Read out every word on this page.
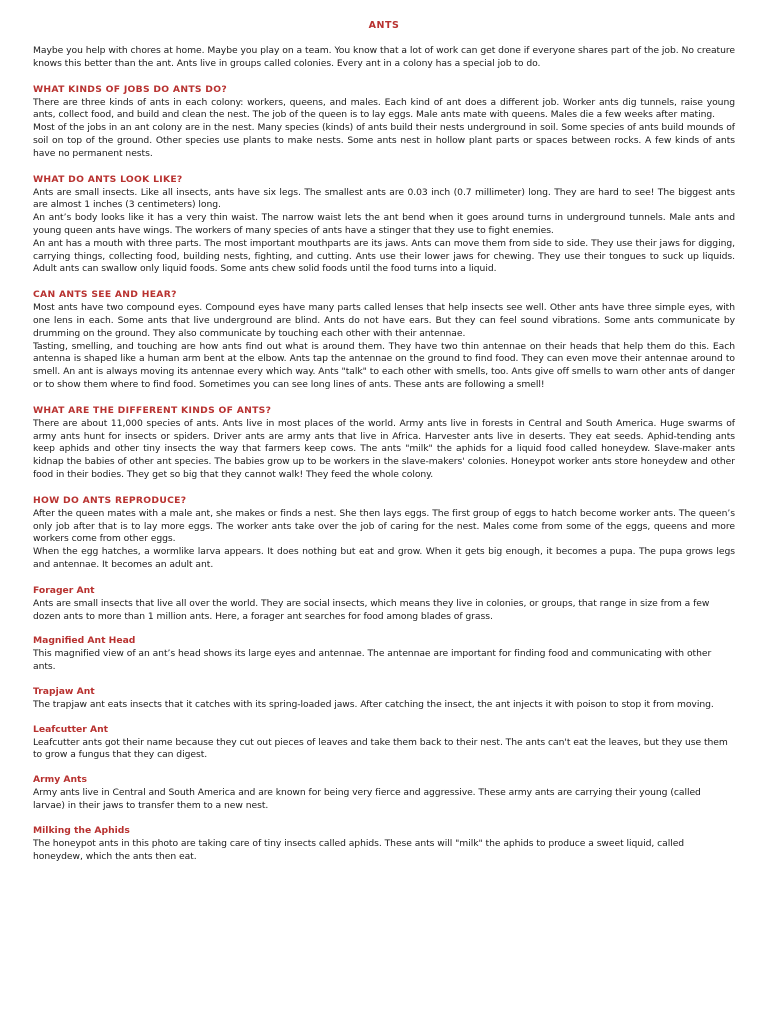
ANTS

Maybe you help with chores at home. Maybe you play on a team. You know that a lot of work can get done if everyone shares part of the job. No creature knows this better than the ant. Ants live in groups called colonies. Every ant in a colony has a special job to do.

WHAT KINDS OF JOBS DO ANTS DO?

There are three kinds of ants in each colony: workers, queens, and males. Each kind of ant does a different job. Worker ants dig tunnels, raise young ants, collect food, and build and clean the nest. The job of the queen is to lay eggs. Male ants mate with queens. Males die a few weeks after mating.

Most of the jobs in an ant colony are in the nest. Many species (kinds) of ants build their nests underground in soil. Some species of ants build mounds of soil on top of the ground. Other species use plants to make nests. Some ants nest in hollow plant parts or spaces between rocks. A few kinds of ants have no permanent nests.

WHAT DO ANTS LOOK LIKE?

Ants are small insects. Like all insects, ants have six legs. The smallest ants are 0.03 inch (0.7 millimeter) long. They are hard to see! The biggest ants are almost 1 inches (3 centimeters) long.

An ant’s body looks like it has a very thin waist. The narrow waist lets the ant bend when it goes around turns in underground tunnels. Male ants and young queen ants have wings. The workers of many species of ants have a stinger that they use to fight enemies.

An ant has a mouth with three parts. The most important mouthparts are its jaws. Ants can move them from side to side. They use their jaws for digging, carrying things, collecting food, building nests, fighting, and cutting. Ants use their lower jaws for chewing. They use their tongues to suck up liquids. Adult ants can swallow only liquid foods. Some ants chew solid foods until the food turns into a liquid.

CAN ANTS SEE AND HEAR?

Most ants have two compound eyes. Compound eyes have many parts called lenses that help insects see well. Other ants have three simple eyes, with one lens in each. Some ants that live underground are blind. Ants do not have ears. But they can feel sound vibrations. Some ants communicate by drumming on the ground. They also communicate by touching each other with their antennae.

Tasting, smelling, and touching are how ants find out what is around them. They have two thin antennae on their heads that help them do this. Each antenna is shaped like a human arm bent at the elbow. Ants tap the antennae on the ground to find food. They can even move their antennae around to smell. An ant is always moving its antennae every which way. Ants "talk" to each other with smells, too. Ants give off smells to warn other ants of danger or to show them where to find food. Sometimes you can see long lines of ants. These ants are following a smell!

WHAT ARE THE DIFFERENT KINDS OF ANTS?

There are about 11,000 species of ants. Ants live in most places of the world. Army ants live in forests in Central and South America. Huge swarms of army ants hunt for insects or spiders. Driver ants are army ants that live in Africa. Harvester ants live in deserts. They eat seeds. Aphid-tending ants keep aphids and other tiny insects the way that farmers keep cows. The ants "milk" the aphids for a liquid food called honeydew. Slave-maker ants kidnap the babies of other ant species. The babies grow up to be workers in the slave-makers' colonies. Honeypot worker ants store honeydew and other food in their bodies. They get so big that they cannot walk! They feed the whole colony.

HOW DO ANTS REPRODUCE?

After the queen mates with a male ant, she makes or finds a nest. She then lays eggs. The first group of eggs to hatch become worker ants. The queen’s only job after that is to lay more eggs. The worker ants take over the job of caring for the nest. Males come from some of the eggs, queens and more workers come from other eggs.

When the egg hatches, a wormlike larva appears. It does nothing but eat and grow. When it gets big enough, it becomes a pupa. The pupa grows legs and antennae. It becomes an adult ant.

Forager Ant

Ants are small insects that live all over the world. They are social insects, which means they live in colonies, or groups, that range in size from a few dozen ants to more than 1 million ants. Here, a forager ant searches for food among blades of grass.

Magnified Ant Head

This magnified view of an ant’s head shows its large eyes and antennae. The antennae are important for finding food and communicating with other ants.

Trapjaw Ant

The trapjaw ant eats insects that it catches with its spring-loaded jaws. After catching the insect, the ant injects it with poison to stop it from moving.

Leafcutter Ant

Leafcutter ants got their name because they cut out pieces of leaves and take them back to their nest. The ants can't eat the leaves, but they use them to grow a fungus that they can digest.

Army Ants

Army ants live in Central and South America and are known for being very fierce and aggressive. These army ants are carrying their young (called larvae) in their jaws to transfer them to a new nest.

Milking the Aphids

The honeypot ants in this photo are taking care of tiny insects called aphids. These ants will "milk" the aphids to produce a sweet liquid, called honeydew, which the ants then eat.
